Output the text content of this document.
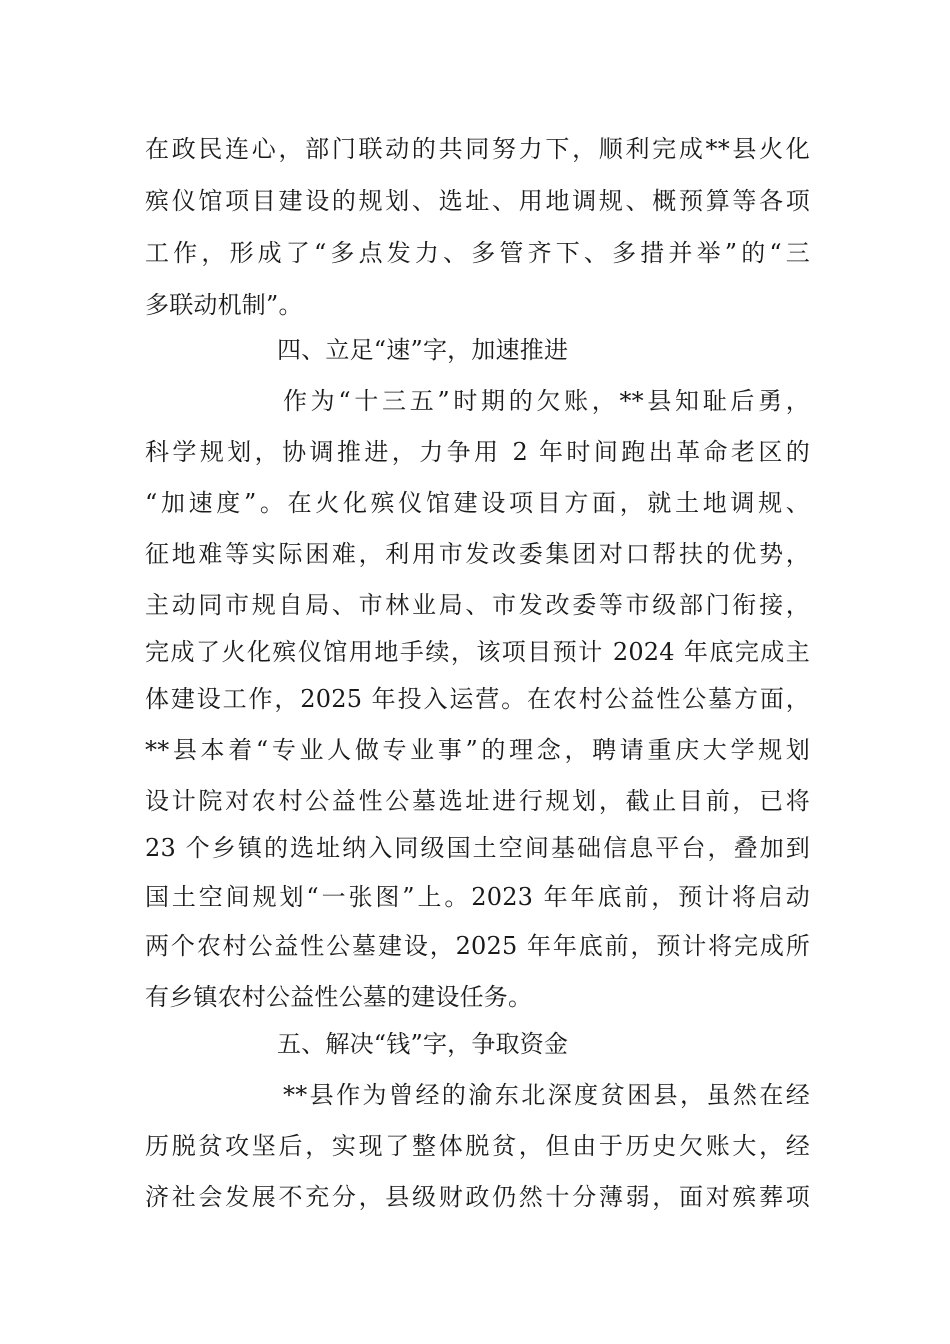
在政民连心，部门联动的共同努力下，顺利完成**县火化
殡仪馆项目建设的规划、选址、用地调规、概预算等各项
工作，形成了“多点发力、多管齐下、多措并举”的“三
多联动机制”。
四、立足“速”字，加速推进
作为“十三五”时期的欠账，**县知耻后勇，
科学规划，协调推进，力争用 2 年时间跑出革命老区的
“加速度”。在火化殡仪馆建设项目方面，就土地调规、
征地难等实际困难，利用市发改委集团对口帮扶的优势，
主动同市规自局、市林业局、市发改委等市级部门衔接，
完成了火化殡仪馆用地手续，该项目预计 2024 年底完成主
体建设工作，2025 年投入运营。在农村公益性公墓方面，
**县本着“专业人做专业事”的理念，聘请重庆大学规划
设计院对农村公益性公墓选址进行规划，截止目前，已将
23 个乡镇的选址纳入同级国土空间基础信息平台，叠加到
国土空间规划“一张图”上。2023 年年底前，预计将启动
两个农村公益性公墓建设，2025 年年底前，预计将完成所
有乡镇农村公益性公墓的建设任务。
五、解决“钱”字，争取资金
**县作为曾经的渝东北深度贫困县，虽然在经
历脱贫攻坚后，实现了整体脱贫，但由于历史欠账大，经
济社会发展不充分，县级财政仍然十分薄弱，面对殡葬项
